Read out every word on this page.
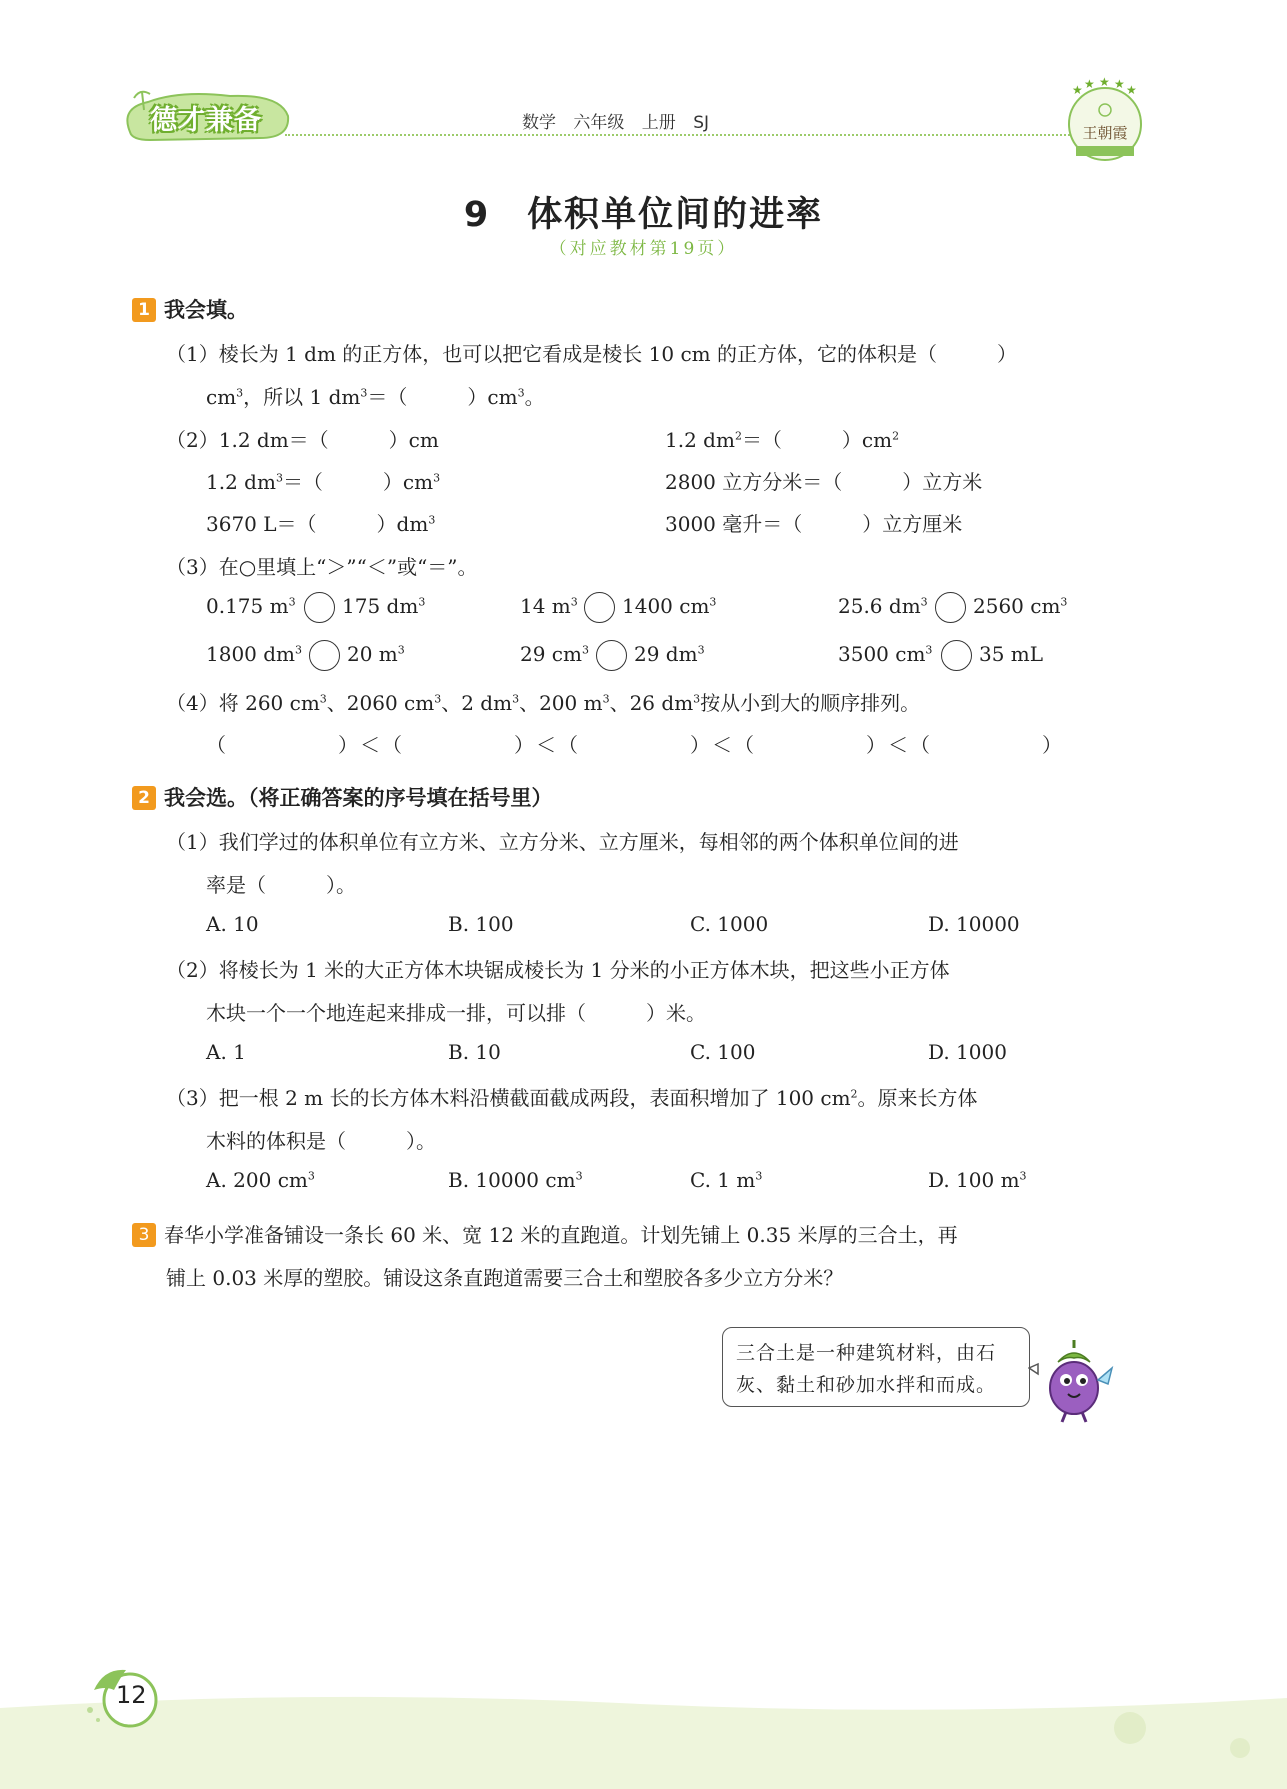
德才兼备	数学 六年级 上册 SJ
★ ★ ★ ★ ★
王朝霞
9　体积单位间的进率
（对应教材第19页）
1 我会填。
（1）棱长为 1 dm 的正方体，也可以把它看成是棱长 10 cm 的正方体，它的体积是（　　　）
$cm^3$，所以 1 $dm^3=$（　　　）$cm^3$。
（2）1.2 dm＝（　　　）cm	1.2 $dm^2=$（　　　）$cm^2$
1.2 $dm^3=$（　　　）$cm^3$	2800 立方分米＝（　　　）立方米
3670 L＝（　　　）$dm^3$	3000 毫升＝（　　　）立方厘米
（3）在○里填上“＞”“＜”或“＝”。
0.175 $m^3$ 175 $dm^3$	14 $m^3$ 1400 $cm^3$	25.6 $dm^3$ 2560 $cm^3$
1800 $dm^3$ 20 $m^3$	29 $cm^3$ 29 $dm^3$	3500 $cm^3$ 35 mL
（4）将 260 $cm^3$、2060 $cm^3$、2 $dm^3$、200 $m^3$、26 $dm^3$按从小到大的顺序排列。
（　　　　　）＜（　　　　　）＜（　　　　　）＜（　　　　　）＜（　　　　　）
2 我会选。（将正确答案的序号填在括号里）
（1）我们学过的体积单位有立方米、立方分米、立方厘米，每相邻的两个体积单位间的进
率是（　　　）。
A. 10	B. 100	C. 1000	D. 10000
（2）将棱长为 1 米的大正方体木块锯成棱长为 1 分米的小正方体木块，把这些小正方体
木块一个一个地连起来排成一排，可以排（　　　）米。
A. 1	B. 10	C. 100	D. 1000
（3）把一根 2 m 长的长方体木料沿横截面截成两段，表面积增加了 100 $cm^2$。原来长方体
木料的体积是（　　　）。
A. 200 $cm^3$	B. 10000 $cm^3$	C. 1 $m^3$	D. 100 $m^3$
3 春华小学准备铺设一条长 60 米、宽 12 米的直跑道。计划先铺上 0.35 米厚的三合土，再
铺上 0.03 米厚的塑胶。铺设这条直跑道需要三合土和塑胶各多少立方分米？
三合土是一种建筑材料，由石
灰、黏土和砂加水拌和而成。
12
